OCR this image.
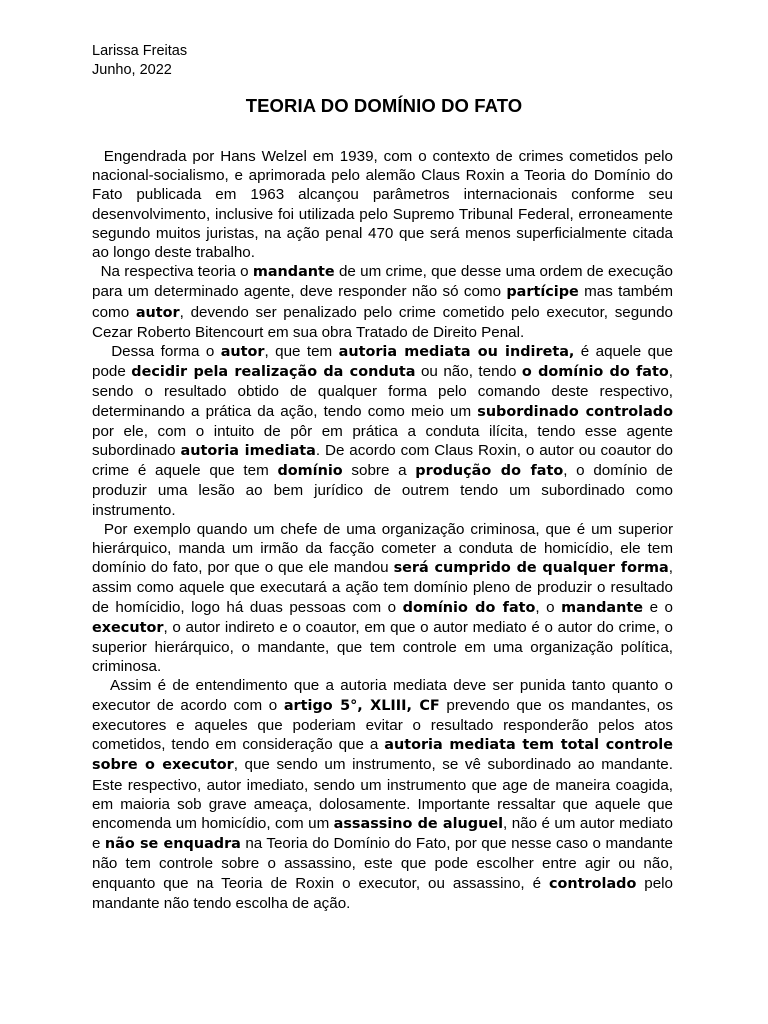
Larissa Freitas
Junho, 2022
TEORIA DO DOMÍNIO DO FATO

Engendrada por Hans Welzel em 1939, com o contexto de crimes cometidos pelo nacional-socialismo, e aprimorada pelo alemão Claus Roxin a Teoria do Domínio do Fato publicada em 1963 alcançou parâmetros internacionais conforme seu desenvolvimento, inclusive foi utilizada pelo Supremo Tribunal Federal, erroneamente segundo muitos juristas, na ação penal 470 que será menos superficialmente citada ao longo deste trabalho.

Na respectiva teoria o mandante de um crime, que desse uma ordem de execução para um determinado agente, deve responder não só como partícipe mas também como autor, devendo ser penalizado pelo crime cometido pelo executor, segundo Cezar Roberto Bitencourt em sua obra Tratado de Direito Penal.

Dessa forma o autor, que tem autoria mediata ou indireta, é aquele que pode decidir pela realização da conduta ou não, tendo o domínio do fato, sendo o resultado obtido de qualquer forma pelo comando deste respectivo, determinando a prática da ação, tendo como meio um subordinado controlado por ele, com o intuito de pôr em prática a conduta ilícita, tendo esse agente subordinado autoria imediata. De acordo com Claus Roxin, o autor ou coautor do crime é aquele que tem domínio sobre a produção do fato, o domínio de produzir uma lesão ao bem jurídico de outrem tendo um subordinado como instrumento.

Por exemplo quando um chefe de uma organização criminosa, que é um superior hierárquico, manda um irmão da facção cometer a conduta de homicídio, ele tem domínio do fato, por que o que ele mandou será cumprido de qualquer forma, assim como aquele que executará a ação tem domínio pleno de produzir o resultado de homícidio, logo há duas pessoas com o domínio do fato, o mandante e o executor, o autor indireto e o coautor, em que o autor mediato é o autor do crime, o superior hierárquico, o mandante, que tem controle em uma organização política, criminosa.

Assim é de entendimento que a autoria mediata deve ser punida tanto quanto o executor de acordo com o artigo 5°, XLIII, CF prevendo que os mandantes, os executores e aqueles que poderiam evitar o resultado responderão pelos atos cometidos, tendo em consideração que a autoria mediata tem total controle sobre o executor, que sendo um instrumento, se vê subordinado ao mandante. Este respectivo, autor imediato, sendo um instrumento que age de maneira coagida, em maioria sob grave ameaça, dolosamente. Importante ressaltar que aquele que encomenda um homicídio, com um assassino de aluguel, não é um autor mediato e não se enquadra na Teoria do Domínio do Fato, por que nesse caso o mandante não tem controle sobre o assassino, este que pode escolher entre agir ou não, enquanto que na Teoria de Roxin o executor, ou assassino, é controlado pelo mandante não tendo escolha de ação.
